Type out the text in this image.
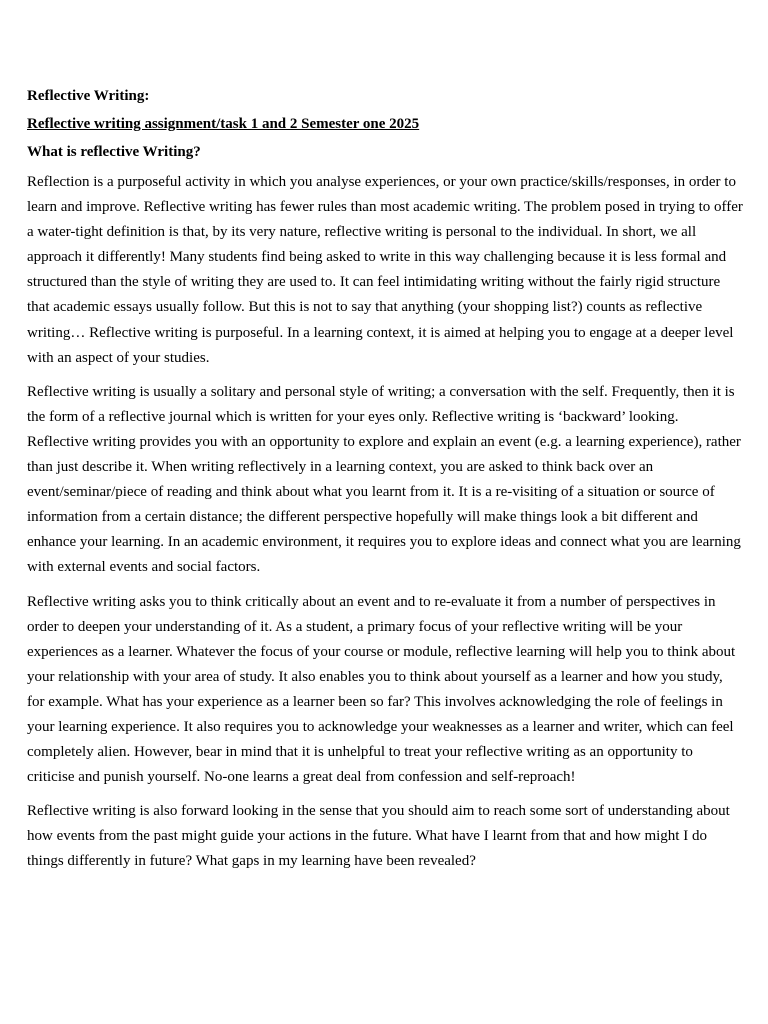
Reflective Writing:
Reflective writing assignment/task 1 and 2 Semester one 2025
What is reflective Writing?

Reflection is a purposeful activity in which you analyse experiences, or your own practice/skills/responses, in order to learn and improve. Reflective writing has fewer rules than most academic writing. The problem posed in trying to offer a water-tight definition is that, by its very nature, reflective writing is personal to the individual. In short, we all approach it differently! Many students find being asked to write in this way challenging because it is less formal and structured than the style of writing they are used to. It can feel intimidating writing without the fairly rigid structure that academic essays usually follow. But this is not to say that anything (your shopping list?) counts as reflective writing… Reflective writing is purposeful. In a learning context, it is aimed at helping you to engage at a deeper level with an aspect of your studies.

Reflective writing is usually a solitary and personal style of writing; a conversation with the self. Frequently, then it is the form of a reflective journal which is written for your eyes only. Reflective writing is ‘backward’ looking. Reflective writing provides you with an opportunity to explore and explain an event (e.g. a learning experience), rather than just describe it. When writing reflectively in a learning context, you are asked to think back over an event/seminar/piece of reading and think about what you learnt from it. It is a re-visiting of a situation or source of information from a certain distance; the different perspective hopefully will make things look a bit different and enhance your learning. In an academic environment, it requires you to explore ideas and connect what you are learning with external events and social factors.

Reflective writing asks you to think critically about an event and to re-evaluate it from a number of perspectives in order to deepen your understanding of it. As a student, a primary focus of your reflective writing will be your experiences as a learner. Whatever the focus of your course or module, reflective learning will help you to think about your relationship with your area of study. It also enables you to think about yourself as a learner and how you study, for example. What has your experience as a learner been so far? This involves acknowledging the role of feelings in your learning experience. It also requires you to acknowledge your weaknesses as a learner and writer, which can feel completely alien. However, bear in mind that it is unhelpful to treat your reflective writing as an opportunity to criticise and punish yourself. No-one learns a great deal from confession and self-reproach!

Reflective writing is also forward looking in the sense that you should aim to reach some sort of understanding about how events from the past might guide your actions in the future. What have I learnt from that and how might I do things differently in future? What gaps in my learning have been revealed?
